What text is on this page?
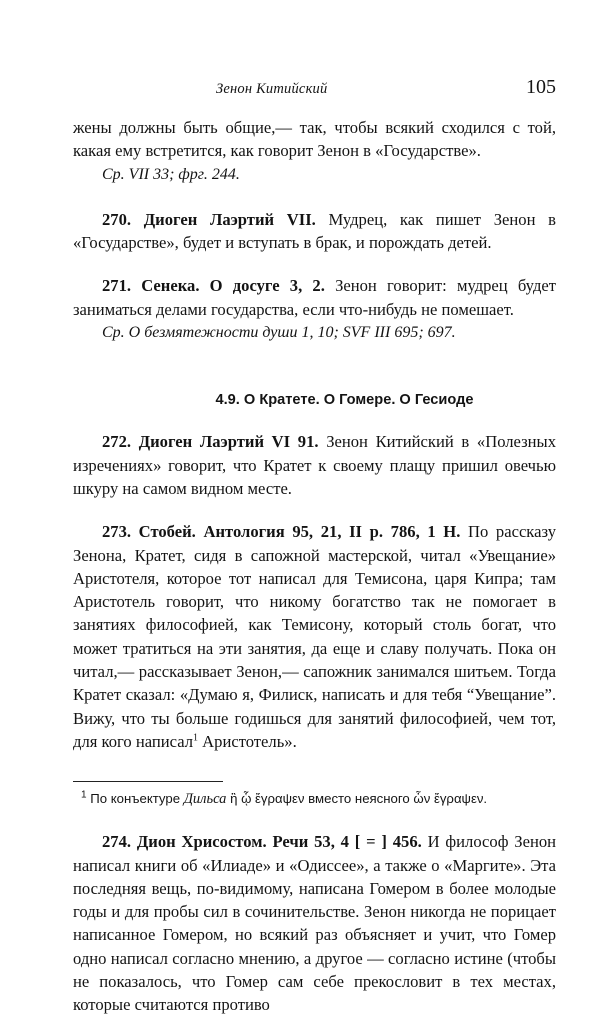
Зенон Китийский	105

жены должны быть общие,— так, чтобы всякий сходился с той, какая ему встретится, как говорит Зенон в «Государстве».

Ср. VII 33; фрг. 244.

270. Диоген Лаэртий VII. Мудрец, как пишет Зенон в «Государстве», будет и вступать в брак, и порождать детей.

271. Сенека. О досуге 3, 2. Зенон говорит: мудрец будет заниматься делами государства, если что-нибудь не помешает.

Ср. О безмятежности души 1, 10; SVF III 695; 697.

4.9. О Кратете. О Гомере. О Гесиоде

272. Диоген Лаэртий VI 91. Зенон Китийский в «Полезных изречениях» говорит, что Кратет к своему плащу пришил овечью шкуру на самом видном месте.

273. Стобей. Антология 95, 21, II р. 786, 1 Н. По рассказу Зенона, Кратет, сидя в сапожной мастерской, читал «Увещание» Аристотеля, которое тот написал для Темисона, царя Кипра; там Аристотель говорит, что никому богатство так не помогает в занятиях философией, как Темисону, который столь богат, что может тратиться на эти занятия, да еще и славу получать. Пока он читал,— рассказывает Зенон,— сапожник занимался шитьем. Тогда Кратет сказал: «Думаю я, Филиск, написать и для тебя “Увещание”. Вижу, что ты больше годишься для занятий философией, чем тот, для кого написал$^1$ Аристотель».

$^1$ По конъектуре Дильса ἣ ᾧ ἔγραψεν вместо неясного ὧν ἔγραψεν.

274. Дион Хрисостом. Речи 53, 4 [ = ] 456. И философ Зенон написал книги об «Илиаде» и «Одиссее», а также о «Маргите». Эта последняя вещь, по-видимому, написана Гомером в более молодые годы и для пробы сил в сочинительстве. Зенон никогда не порицает написанное Гомером, но всякий раз объясняет и учит, что Гомер одно написал согласно мнению, а другое — согласно истине (чтобы не показалось, что Гомер сам себе прекословит в тех местах, которые считаются противо
